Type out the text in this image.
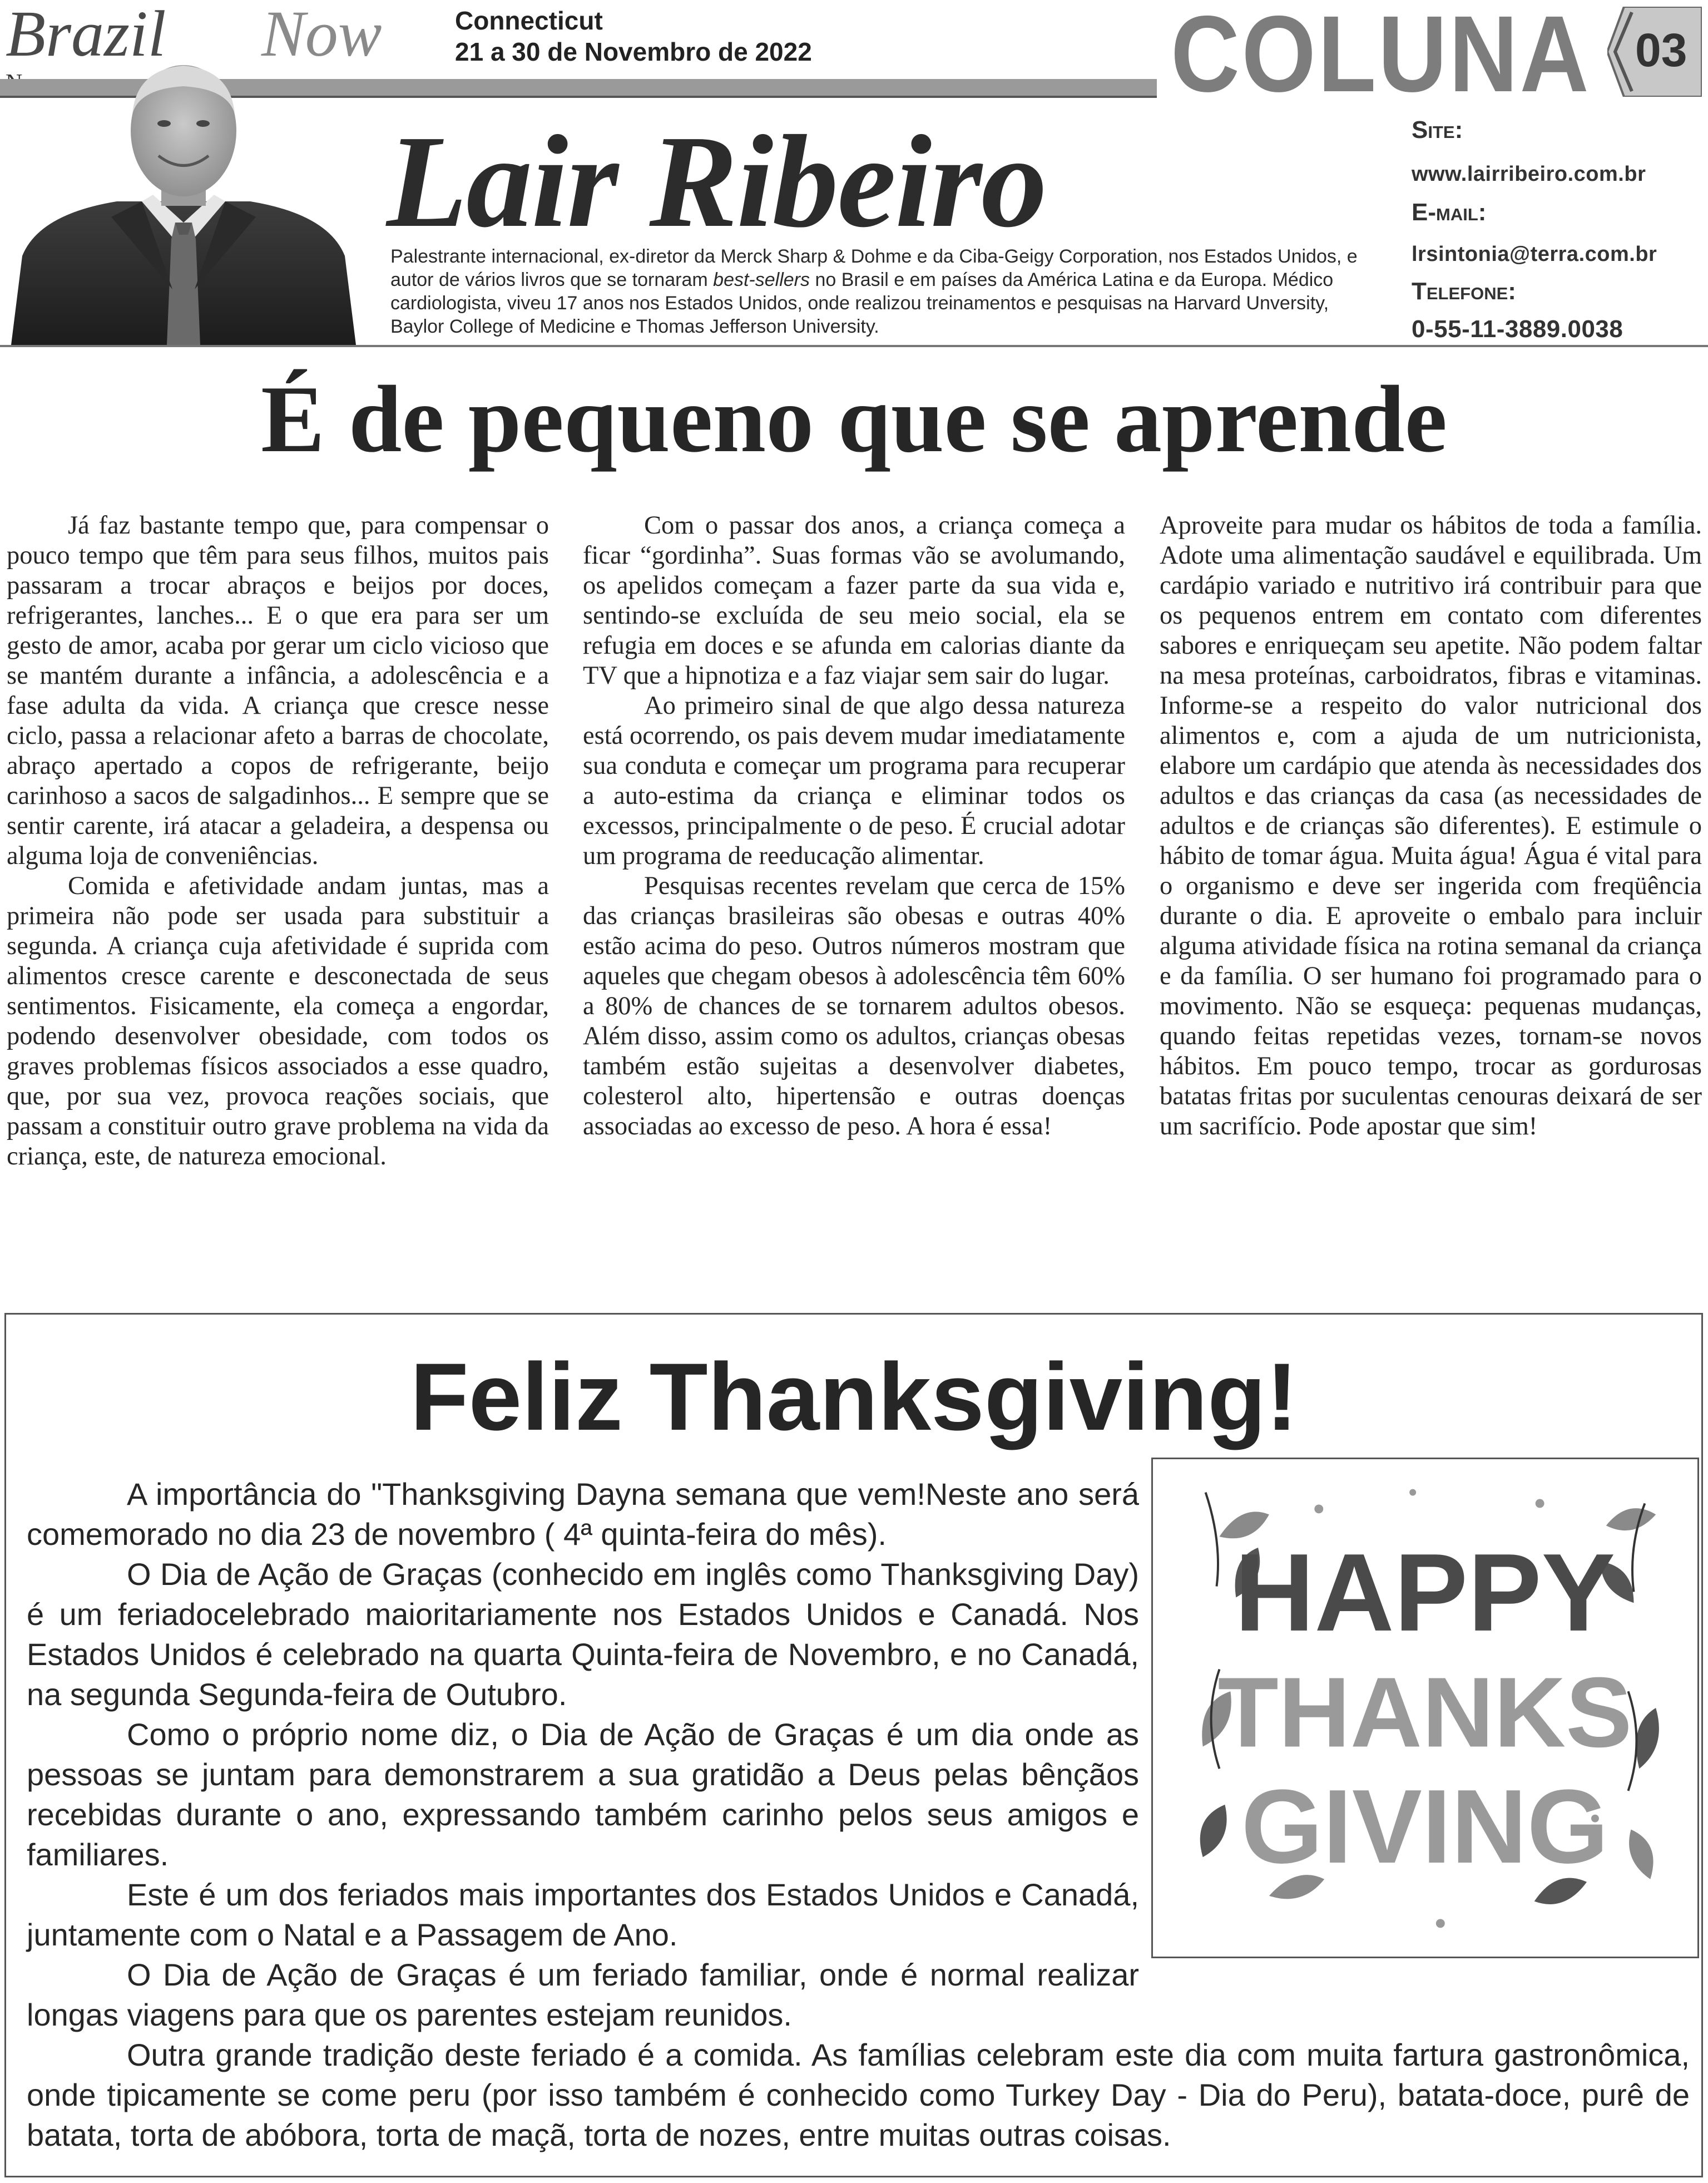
Brazil Now	Connecticut
21 a 30 de Novembro de 2022	COLUNA 03
Lair Ribeiro

Palestrante internacional, ex-diretor da Merck Sharp & Dohme e da Ciba-Geigy Corporation, nos Estados Unidos, e autor de vários livros que se tornaram best-sellers no Brasil e em países da América Latina e da Europa. Médico cardiologista, viveu 17 anos nos Estados Unidos, onde realizou treinamentos e pesquisas na Harvard Unversity, Baylor College of Medicine e Thomas Jefferson University.

Site:
www.lairribeiro.com.br
E-mail:
lrsintonia@terra.com.br
Telefone:
0-55-11-3889.0038
É de pequeno que se aprende

Já faz bastante tempo que, para compensar o pouco tempo que têm para seus filhos, muitos pais passaram a trocar abraços e beijos por doces, refrigerantes, lanches... E o que era para ser um gesto de amor, acaba por gerar um ciclo vicioso que se mantém durante a infância, a adolescência e a fase adulta da vida. A criança que cresce nesse ciclo, passa a relacionar afeto a barras de chocolate, abraço apertado a copos de refrigerante, beijo carinhoso a sacos de salgadinhos... E sempre que se sentir carente, irá atacar a geladeira, a despensa ou alguma loja de conveniências.

Comida e afetividade andam juntas, mas a primeira não pode ser usada para substituir a segunda. A criança cuja afetividade é suprida com alimentos cresce carente e desconectada de seus sentimentos. Fisicamente, ela começa a engordar, podendo desenvolver obesidade, com todos os graves problemas físicos associados a esse quadro, que, por sua vez, provoca reações sociais, que passam a constituir outro grave problema na vida da criança, este, de natureza emocional.

Com o passar dos anos, a criança começa a ficar “gordinha”. Suas formas vão se avolumando, os apelidos começam a fazer parte da sua vida e, sentindo-se excluída de seu meio social, ela se refugia em doces e se afunda em calorias diante da TV que a hipnotiza e a faz viajar sem sair do lugar.

Ao primeiro sinal de que algo dessa natureza está ocorrendo, os pais devem mudar imediatamente sua conduta e começar um programa para recuperar a auto-estima da criança e eliminar todos os excessos, principalmente o de peso. É crucial adotar um programa de reeducação alimentar.

Pesquisas recentes revelam que cerca de 15% das crianças brasileiras são obesas e outras 40% estão acima do peso. Outros números mostram que aqueles que chegam obesos à adolescência têm 60% a 80% de chances de se tornarem adultos obesos. Além disso, assim como os adultos, crianças obesas também estão sujeitas a desenvolver diabetes, colesterol alto, hipertensão e outras doenças associadas ao excesso de peso. A hora é essa!

Aproveite para mudar os hábitos de toda a família. Adote uma alimentação saudável e equilibrada. Um cardápio variado e nutritivo irá contribuir para que os pequenos entrem em contato com diferentes sabores e enriqueçam seu apetite. Não podem faltar na mesa proteínas, carboidratos, fibras e vitaminas. Informe-se a respeito do valor nutricional dos alimentos e, com a ajuda de um nutricionista, elabore um cardápio que atenda às necessidades dos adultos e das crianças da casa (as necessidades de adultos e de crianças são diferentes). E estimule o hábito de tomar água. Muita água! Água é vital para o organismo e deve ser ingerida com freqüência durante o dia. E aproveite o embalo para incluir alguma atividade física na rotina semanal da criança e da família. O ser humano foi programado para o movimento. Não se esqueça: pequenas mudanças, quando feitas repetidas vezes, tornam-se novos hábitos. Em pouco tempo, trocar as gordurosas batatas fritas por suculentas cenouras deixará de ser um sacrifício. Pode apostar que sim!

Feliz Thanksgiving!

A importância do "Thanksgiving Dayna semana que vem!Neste ano será comemorado no dia 23 de novembro ( 4ª quinta-feira do mês).

O Dia de Ação de Graças (conhecido em inglês como Thanksgiving Day) é um feriadocelebrado maioritariamente nos Estados Unidos e Canadá. Nos Estados Unidos é celebrado na quarta Quinta-feira de Novembro, e no Canadá, na segunda Segunda-feira de Outubro.

Como o próprio nome diz, o Dia de Ação de Graças é um dia onde as pessoas se juntam para demonstrarem a sua gratidão a Deus pelas bênçãos recebidas durante o ano, expressando também carinho pelos seus amigos e familiares.

Este é um dos feriados mais importantes dos Estados Unidos e Canadá, juntamente com o Natal e a Passagem de Ano.

O Dia de Ação de Graças é um feriado familiar, onde é normal realizar longas viagens para que os parentes estejam reunidos.

Outra grande tradição deste feriado é a comida. As famílias celebram este dia com muita fartura gastronômica, onde tipicamente se come peru (por isso também é conhecido como Turkey Day - Dia do Peru), batata-doce, purê de batata, torta de abóbora, torta de maçã, torta de nozes, entre muitas outras coisas.

HAPPY
THANKS
GIVING
